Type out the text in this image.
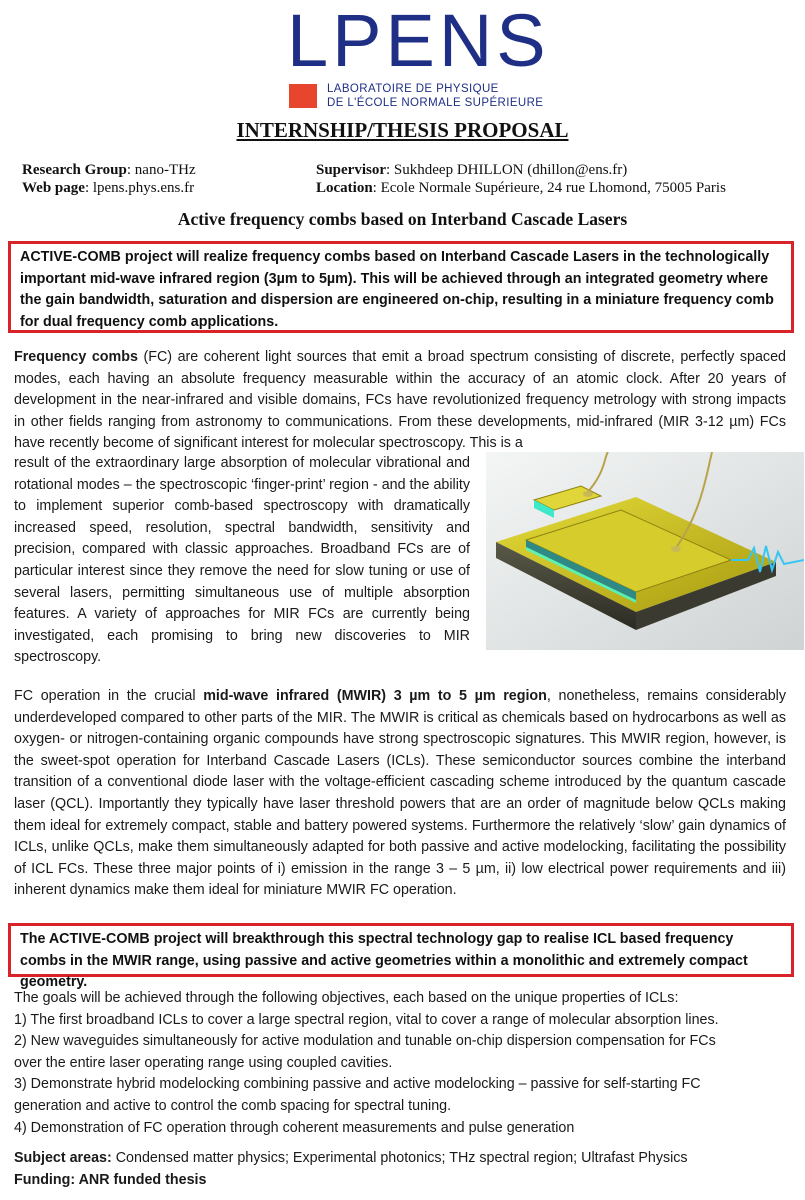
LPENS
LABORATOIRE DE PHYSIQUE
DE L'ÉCOLE NORMALE SUPÉRIEURE
INTERNSHIP/THESIS PROPOSAL
Research Group: nano-THz
Web page: lpens.phys.ens.fr
Supervisor: Sukhdeep DHILLON (dhillon@ens.fr)
Location: Ecole Normale Supérieure, 24 rue Lhomond, 75005 Paris
Active frequency combs based on Interband Cascade Lasers
ACTIVE-COMB project will realize frequency combs based on Interband Cascade Lasers in the technologically important mid-wave infrared region (3µm to 5µm). This will be achieved through an integrated geometry where the gain bandwidth, saturation and dispersion are engineered on-chip, resulting in a miniature frequency comb for dual frequency comb applications.
Frequency combs (FC) are coherent light sources that emit a broad spectrum consisting of discrete, perfectly spaced modes, each having an absolute frequency measurable within the accuracy of an atomic clock. After 20 years of development in the near-infrared and visible domains, FCs have revolutionized frequency metrology with strong impacts in other fields ranging from astronomy to communications. From these developments, mid-infrared (MIR 3-12 µm) FCs have recently become of significant interest for molecular spectroscopy. This is a
result of the extraordinary large absorption of molecular vibrational and rotational modes – the spectroscopic ‘finger-print’ region - and the ability to implement superior comb-based spectroscopy with dramatically increased speed, resolution, spectral bandwidth, sensitivity and precision, compared with classic approaches. Broadband FCs are of particular interest since they remove the need for slow tuning or use of several lasers, permitting simultaneous use of multiple absorption features. A variety of approaches for MIR FCs are currently being investigated, each promising to bring new discoveries to MIR spectroscopy.
FC operation in the crucial mid-wave infrared (MWIR) 3 µm to 5 µm region, nonetheless, remains considerably underdeveloped compared to other parts of the MIR. The MWIR is critical as chemicals based on hydrocarbons as well as oxygen- or nitrogen-containing organic compounds have strong spectroscopic signatures. This MWIR region, however, is the sweet-spot operation for Interband Cascade Lasers (ICLs). These semiconductor sources combine the interband transition of a conventional diode laser with the voltage-efficient cascading scheme introduced by the quantum cascade laser (QCL). Importantly they typically have laser threshold powers that are an order of magnitude below QCLs making them ideal for extremely compact, stable and battery powered systems. Furthermore the relatively ‘slow’ gain dynamics of ICLs, unlike QCLs, make them simultaneously adapted for both passive and active modelocking, facilitating the possibility of ICL FCs. These three major points of i) emission in the range 3 – 5 µm, ii) low electrical power requirements and iii) inherent dynamics make them ideal for miniature MWIR FC operation.
The ACTIVE-COMB project will breakthrough this spectral technology gap to realise ICL based frequency combs in the MWIR range, using passive and active geometries within a monolithic and extremely compact geometry.
The goals will be achieved through the following objectives, each based on the unique properties of ICLs:
1) The first broadband ICLs to cover a large spectral region, vital to cover a range of molecular absorption lines.
2) New waveguides simultaneously for active modulation and tunable on-chip dispersion compensation for FCs
over the entire laser operating range using coupled cavities.
3) Demonstrate hybrid modelocking combining passive and active modelocking – passive for self-starting FC
generation and active to control the comb spacing for spectral tuning.
4) Demonstration of FC operation through coherent measurements and pulse generation
Subject areas: Condensed matter physics; Experimental photonics; THz spectral region; Ultrafast Physics
Funding: ANR funded thesis
